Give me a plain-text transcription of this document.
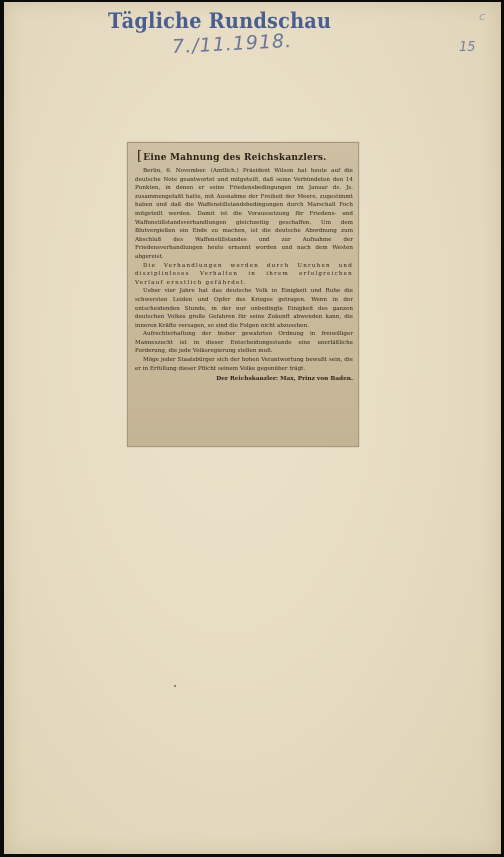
Tägliche Rundschau
7./11.1918.	15
c
[Eine Mahnung des Reichskanzlers.

Berlin, 6. November. (Amtlich.) Präsident Wilson hat heute auf die deutsche Note geantwortet und mitgeteilt, daß seine Verbündeten den 14 Punkten, in denen er seine Friedensbedingungen im Januar ds. Js. zusammengefaßt hatte, mit Ausnahme der Freiheit der Meere, zugestimmt haben und daß die Waffenstillstandsbedingungen durch Marschall Foch mitgeteilt werden. Damit ist die Voraussetzung für Friedens- und Waffenstillstandsverhandlungen gleichzeitig geschaffen. Um dem Blutvergießen ein Ende zu machen, ist die deutsche Abordnung zum Abschluß des Waffenstillstandes und zur Aufnahme der Friedensverhandlungen heute ernannt worden und nach dem Westen abgereist.

Die Verhandlungen werden durch Unruhen und disziplinloses Verhalten in ihrem erfolgreichen Verlauf ernstlich gefährdet.

Ueber vier Jahre hat das deutsche Volk in Einigkeit und Ruhe die schwersten Leiden und Opfer des Krieges getragen. Wenn in der entscheidenden Stunde, in der nur unbedingte Einigkeit des ganzen deutschen Volkes große Gefahren für seine Zukunft abwenden kann, die inneren Kräfte versagen, so sind die Folgen nicht abzusehen.

Aufrechterhaltung der bisher gewahrten Ordnung in freiwilliger Manneszucht ist in dieser Entscheidungsstunde eine unerläßliche Forderung, die jede Volksregierung stellen muß.

Möge jeder Staatsbürger sich der hohen Verantwortung bewußt sein, die er in Erfüllung dieser Pflicht seinem Volke gegenüber trägt.

Der Reichskanzler: Max, Prinz von Baden.
